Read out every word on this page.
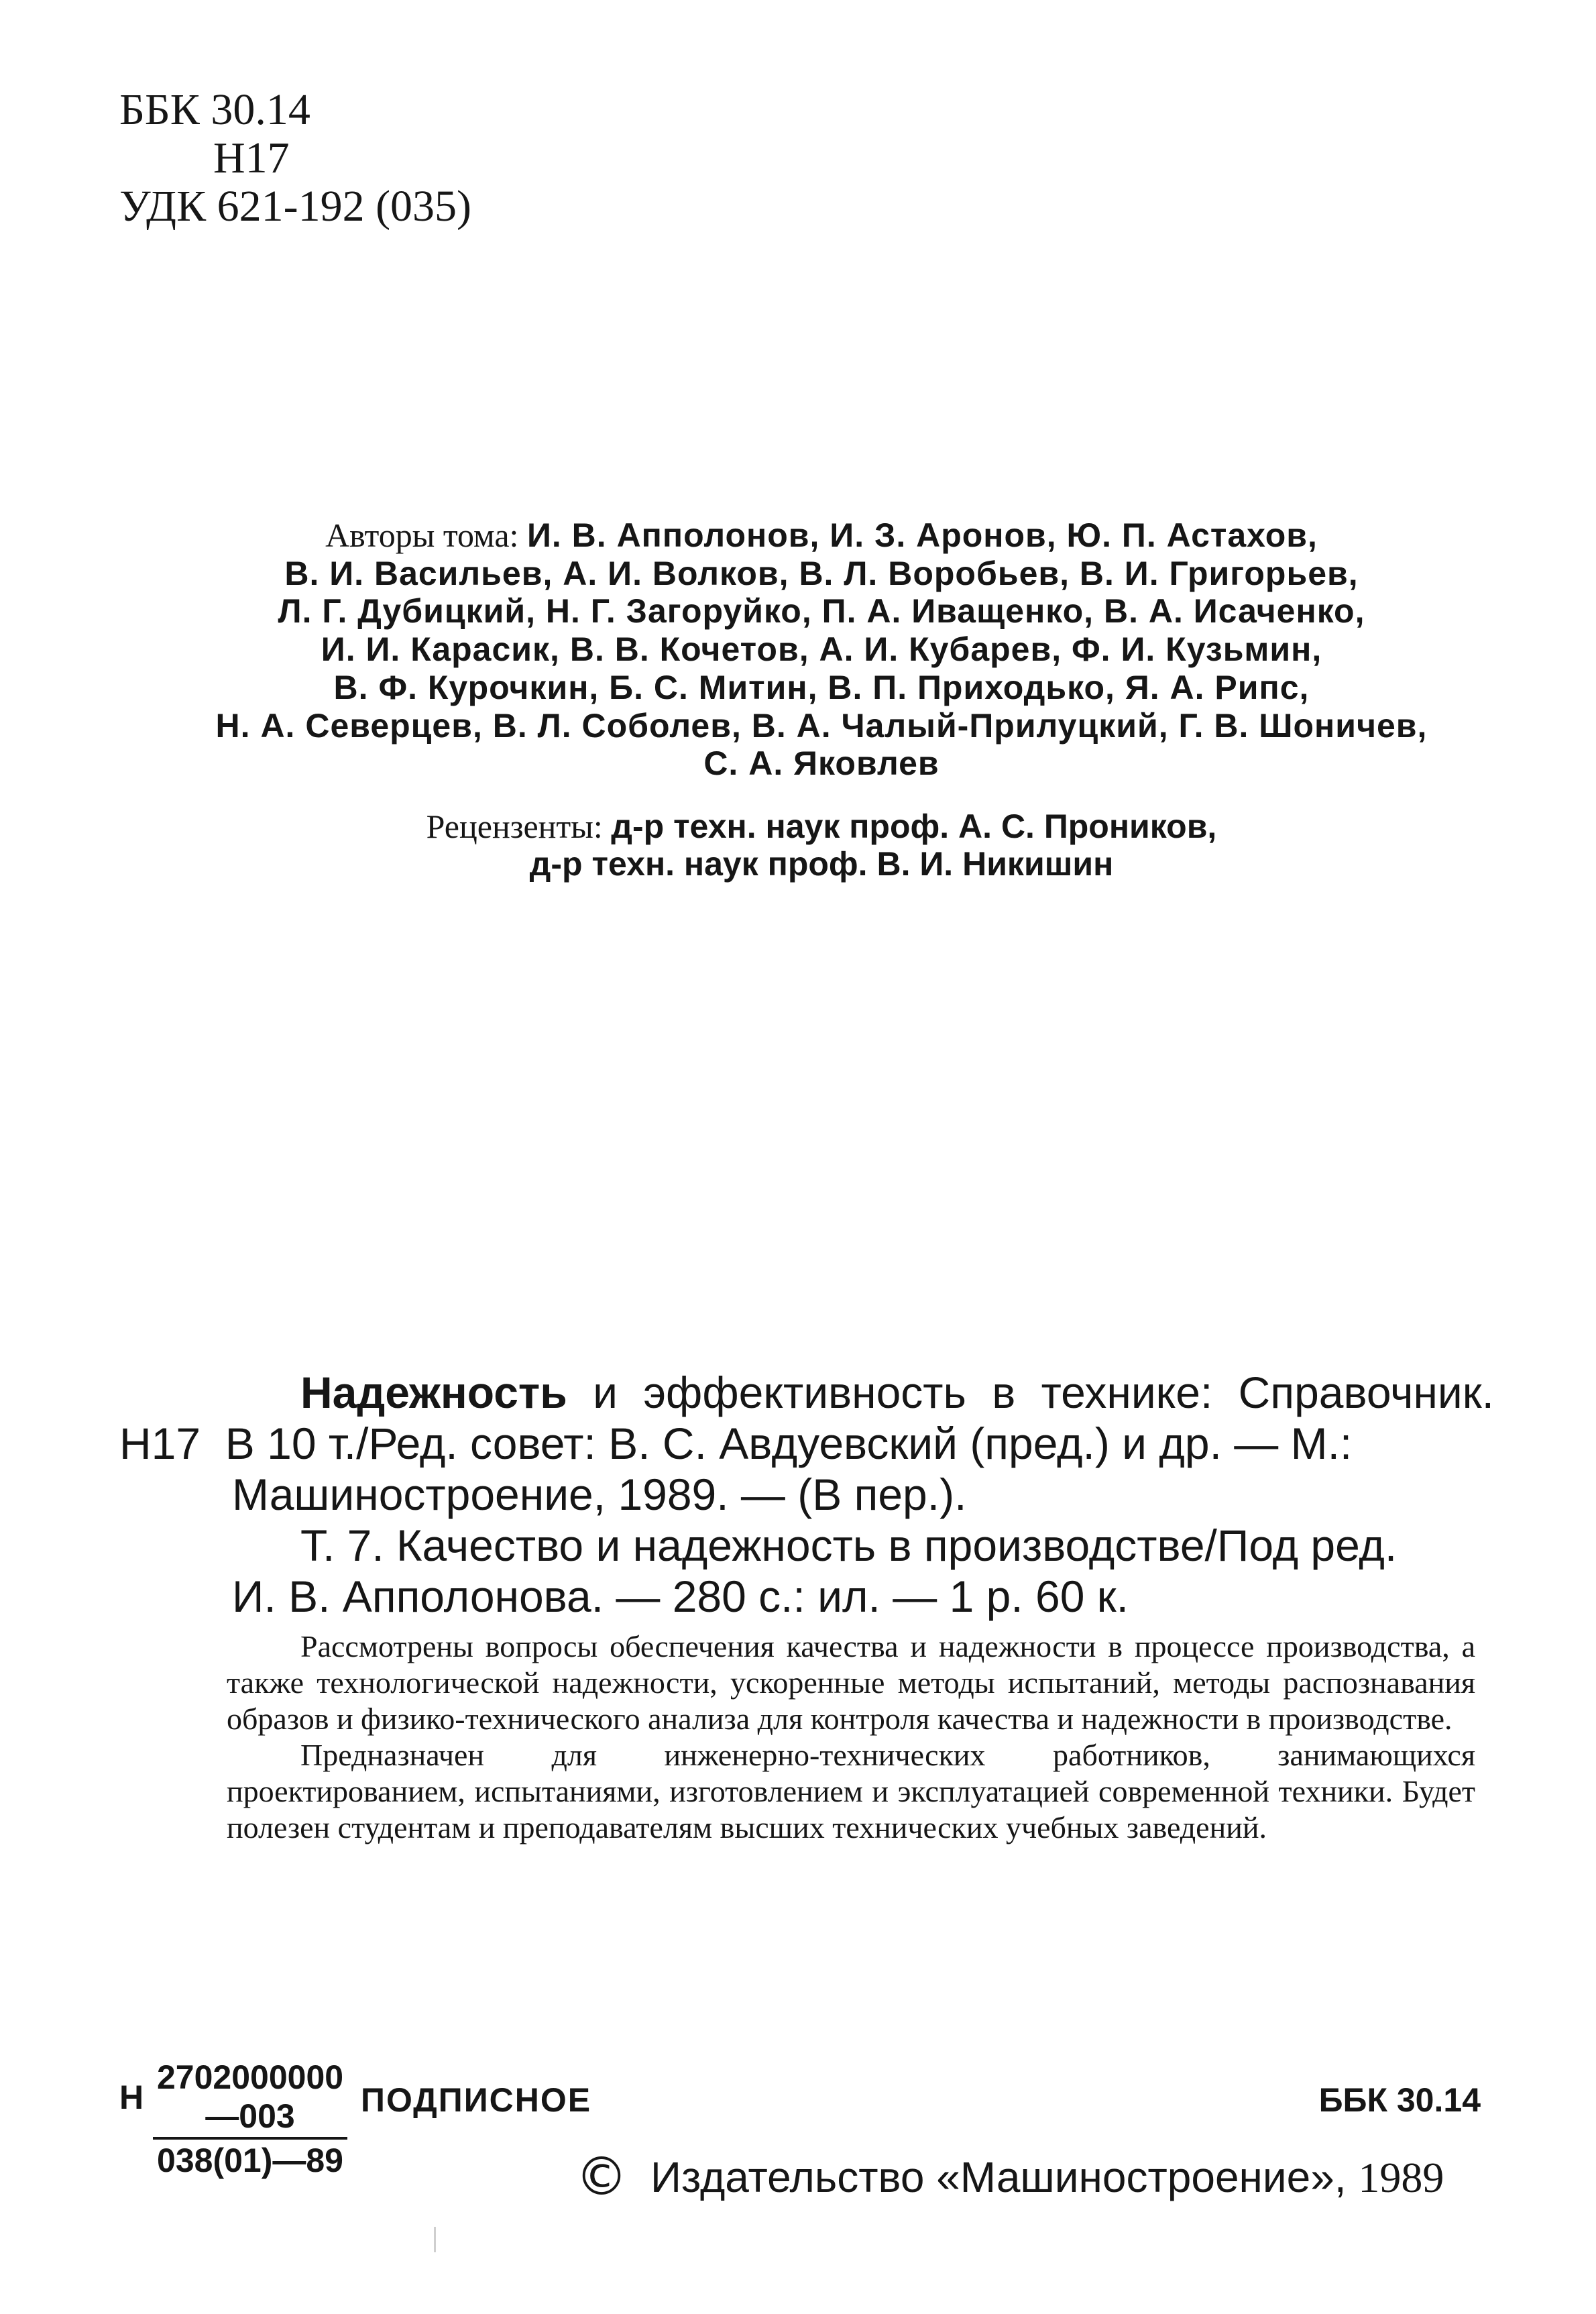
ББК 30.14
Н17
УДК 621-192 (035)
Авторы тома: И. В. Апполонов, И. З. Аронов, Ю. П. Астахов,
В. И. Васильев, А. И. Волков, В. Л. Воробьев, В. И. Григорьев,
Л. Г. Дубицкий, Н. Г. Загоруйко, П. А. Иващенко, В. А. Исаченко,
И. И. Карасик, В. В. Кочетов, А. И. Кубарев, Ф. И. Кузьмин,
В. Ф. Курочкин, Б. С. Митин, В. П. Приходько, Я. А. Рипс,
Н. А. Северцев, В. Л. Соболев, В. А. Чалый-Прилуцкий, Г. В. Шоничев,
С. А. Яковлев
Рецензенты: д-р техн. наук проф. А. С. Проников,
д-р техн. наук проф. В. И. Никишин
Надежность и эффективность в технике: Справочник.
Н17 В 10 т./Ред. совет: В. С. Авдуевский (пред.) и др. — М.:
Машиностроение, 1989. — (В пер.).
Т. 7. Качество и надежность в производстве/Под ред.
И. В. Апполонова. — 280 с.: ил. — 1 р. 60 к.

Рассмотрены вопросы обеспечения качества и надежности в процессе производства, а также технологической надежности, ускоренные методы испытаний, методы распознавания образов и физико-технического анализа для контроля качества и надежности в производстве.

Предназначен для инженерно-технических работников, занимающихся проектированием, испытаниями, изготовлением и эксплуатацией современной техники. Будет полезен студентам и преподавателям высших технических учебных заведений.

Н $\frac{2702000000—003}{038(01)—89}$ ПОДПИСНОЕ	ББК 30.14
© Издательство «Машиностроение», 1989
